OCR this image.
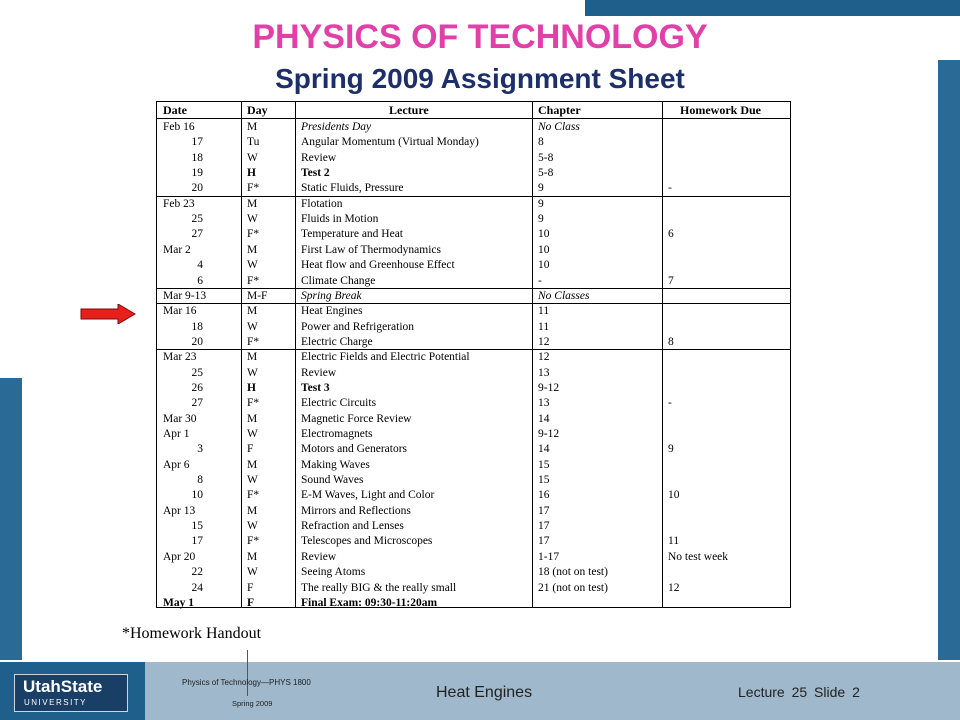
PHYSICS OF TECHNOLOGY
Spring 2009 Assignment Sheet
Date	Day	Lecture	Chapter	Homework Due
Feb 16	M	Presidents Day	No Class
17	Tu	Angular Momentum (Virtual Monday)	8
18	W	Review	5-8
19	H	Test 2	5-8
20	F*	Static Fluids, Pressure	9	-
Feb 23	M	Flotation	9
25	W	Fluids in Motion	9
27	F*	Temperature and Heat	10	6
Mar 2	M	First Law of Thermodynamics	10
4	W	Heat flow and Greenhouse Effect	10
6	F*	Climate Change	-	7
Mar 9-13	M-F	Spring Break	No Classes
Mar 16	M	Heat Engines	11
18	W	Power and Refrigeration	11
20	F*	Electric Charge	12	8
Mar 23	M	Electric Fields and Electric Potential	12
25	W	Review	13
26	H	Test 3	9-12
27	F*	Electric Circuits	13	-
Mar 30	M	Magnetic Force Review	14
Apr 1	W	Electromagnets	9-12
3	F	Motors and Generators	14	9
Apr 6	M	Making Waves	15
8	W	Sound Waves	15
10	F*	E-M Waves, Light and Color	16	10
Apr 13	M	Mirrors and Reflections	17
15	W	Refraction and Lenses	17
17	F*	Telescopes and Microscopes	17	11
Apr 20	M	Review	1-17	No test week
22	W	Seeing Atoms	18 (not on test)
24	F	The really BIG & the really small	21 (not on test)	12
May 1	F	Final Exam: 09:30-11:20am
*Homework Handout
UtahState
UNIVERSITY
Physics of Technology—PHYS 1800
Spring 2009
Heat Engines	Lecture 25 Slide 2
